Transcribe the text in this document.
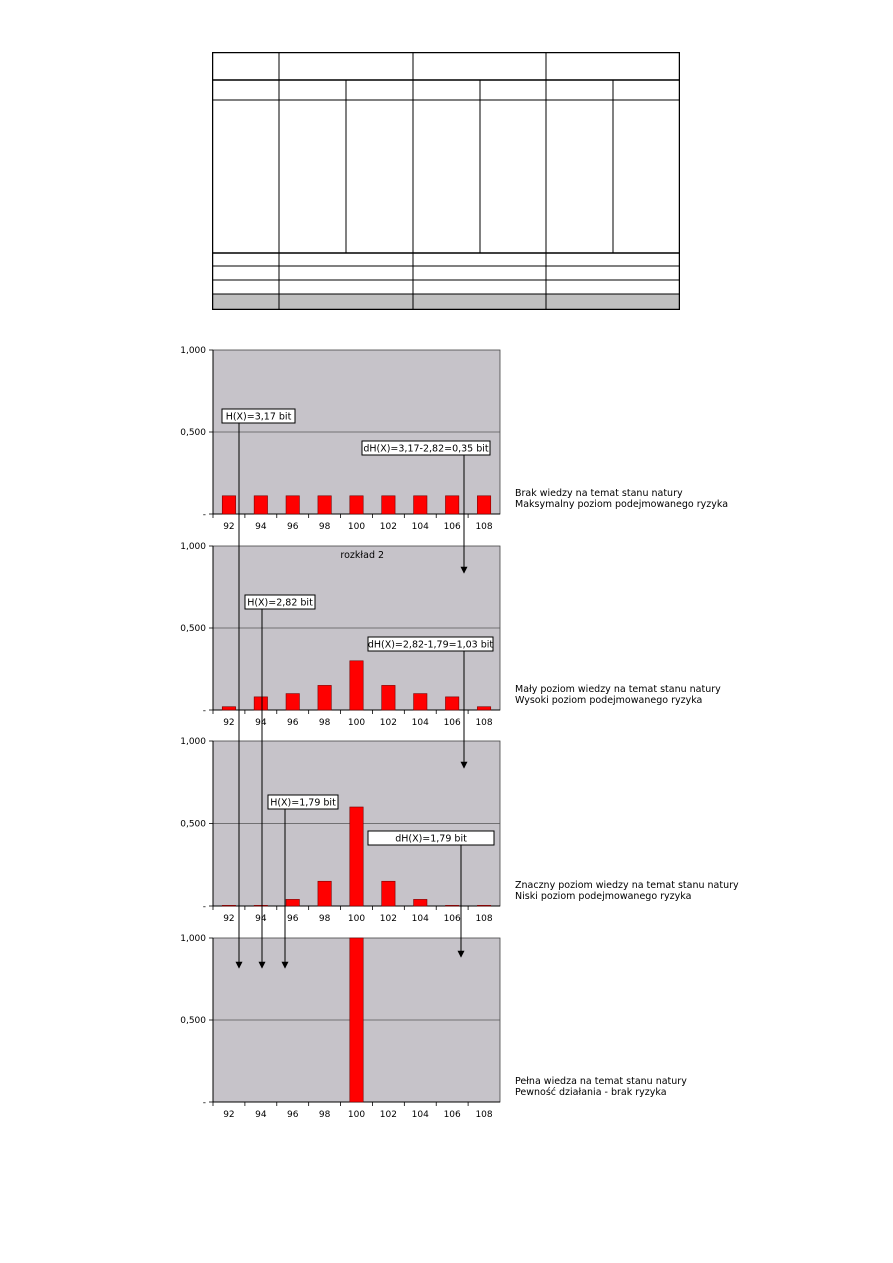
1,000
0,500
-
92 94 96 98 100 102 104 106 108
H(X)=3,17 bit
dH(X)=3,17-2,82=0,35 bit
Brak wiedzy na temat stanu natury
Maksymalny poziom podejmowanego ryzyka
1,000
0,500
-
92 94 96 98 100 102 104 106 108
rozkład 2
H(X)=2,82 bit
dH(X)=2,82-1,79=1,03 bit
Mały poziom wiedzy na temat stanu natury
Wysoki poziom podejmowanego ryzyka
1,000
0,500
-
92 94 96 98 100 102 104 106 108
H(X)=1,79 bit
dH(X)=1,79 bit
Znaczny poziom wiedzy na temat stanu natury
Niski poziom podejmowanego ryzyka
1,000
0,500
-
92 94 96 98 100 102 104 106 108
Pełna wiedza na temat stanu natury
Pewność działania - brak ryzyka
